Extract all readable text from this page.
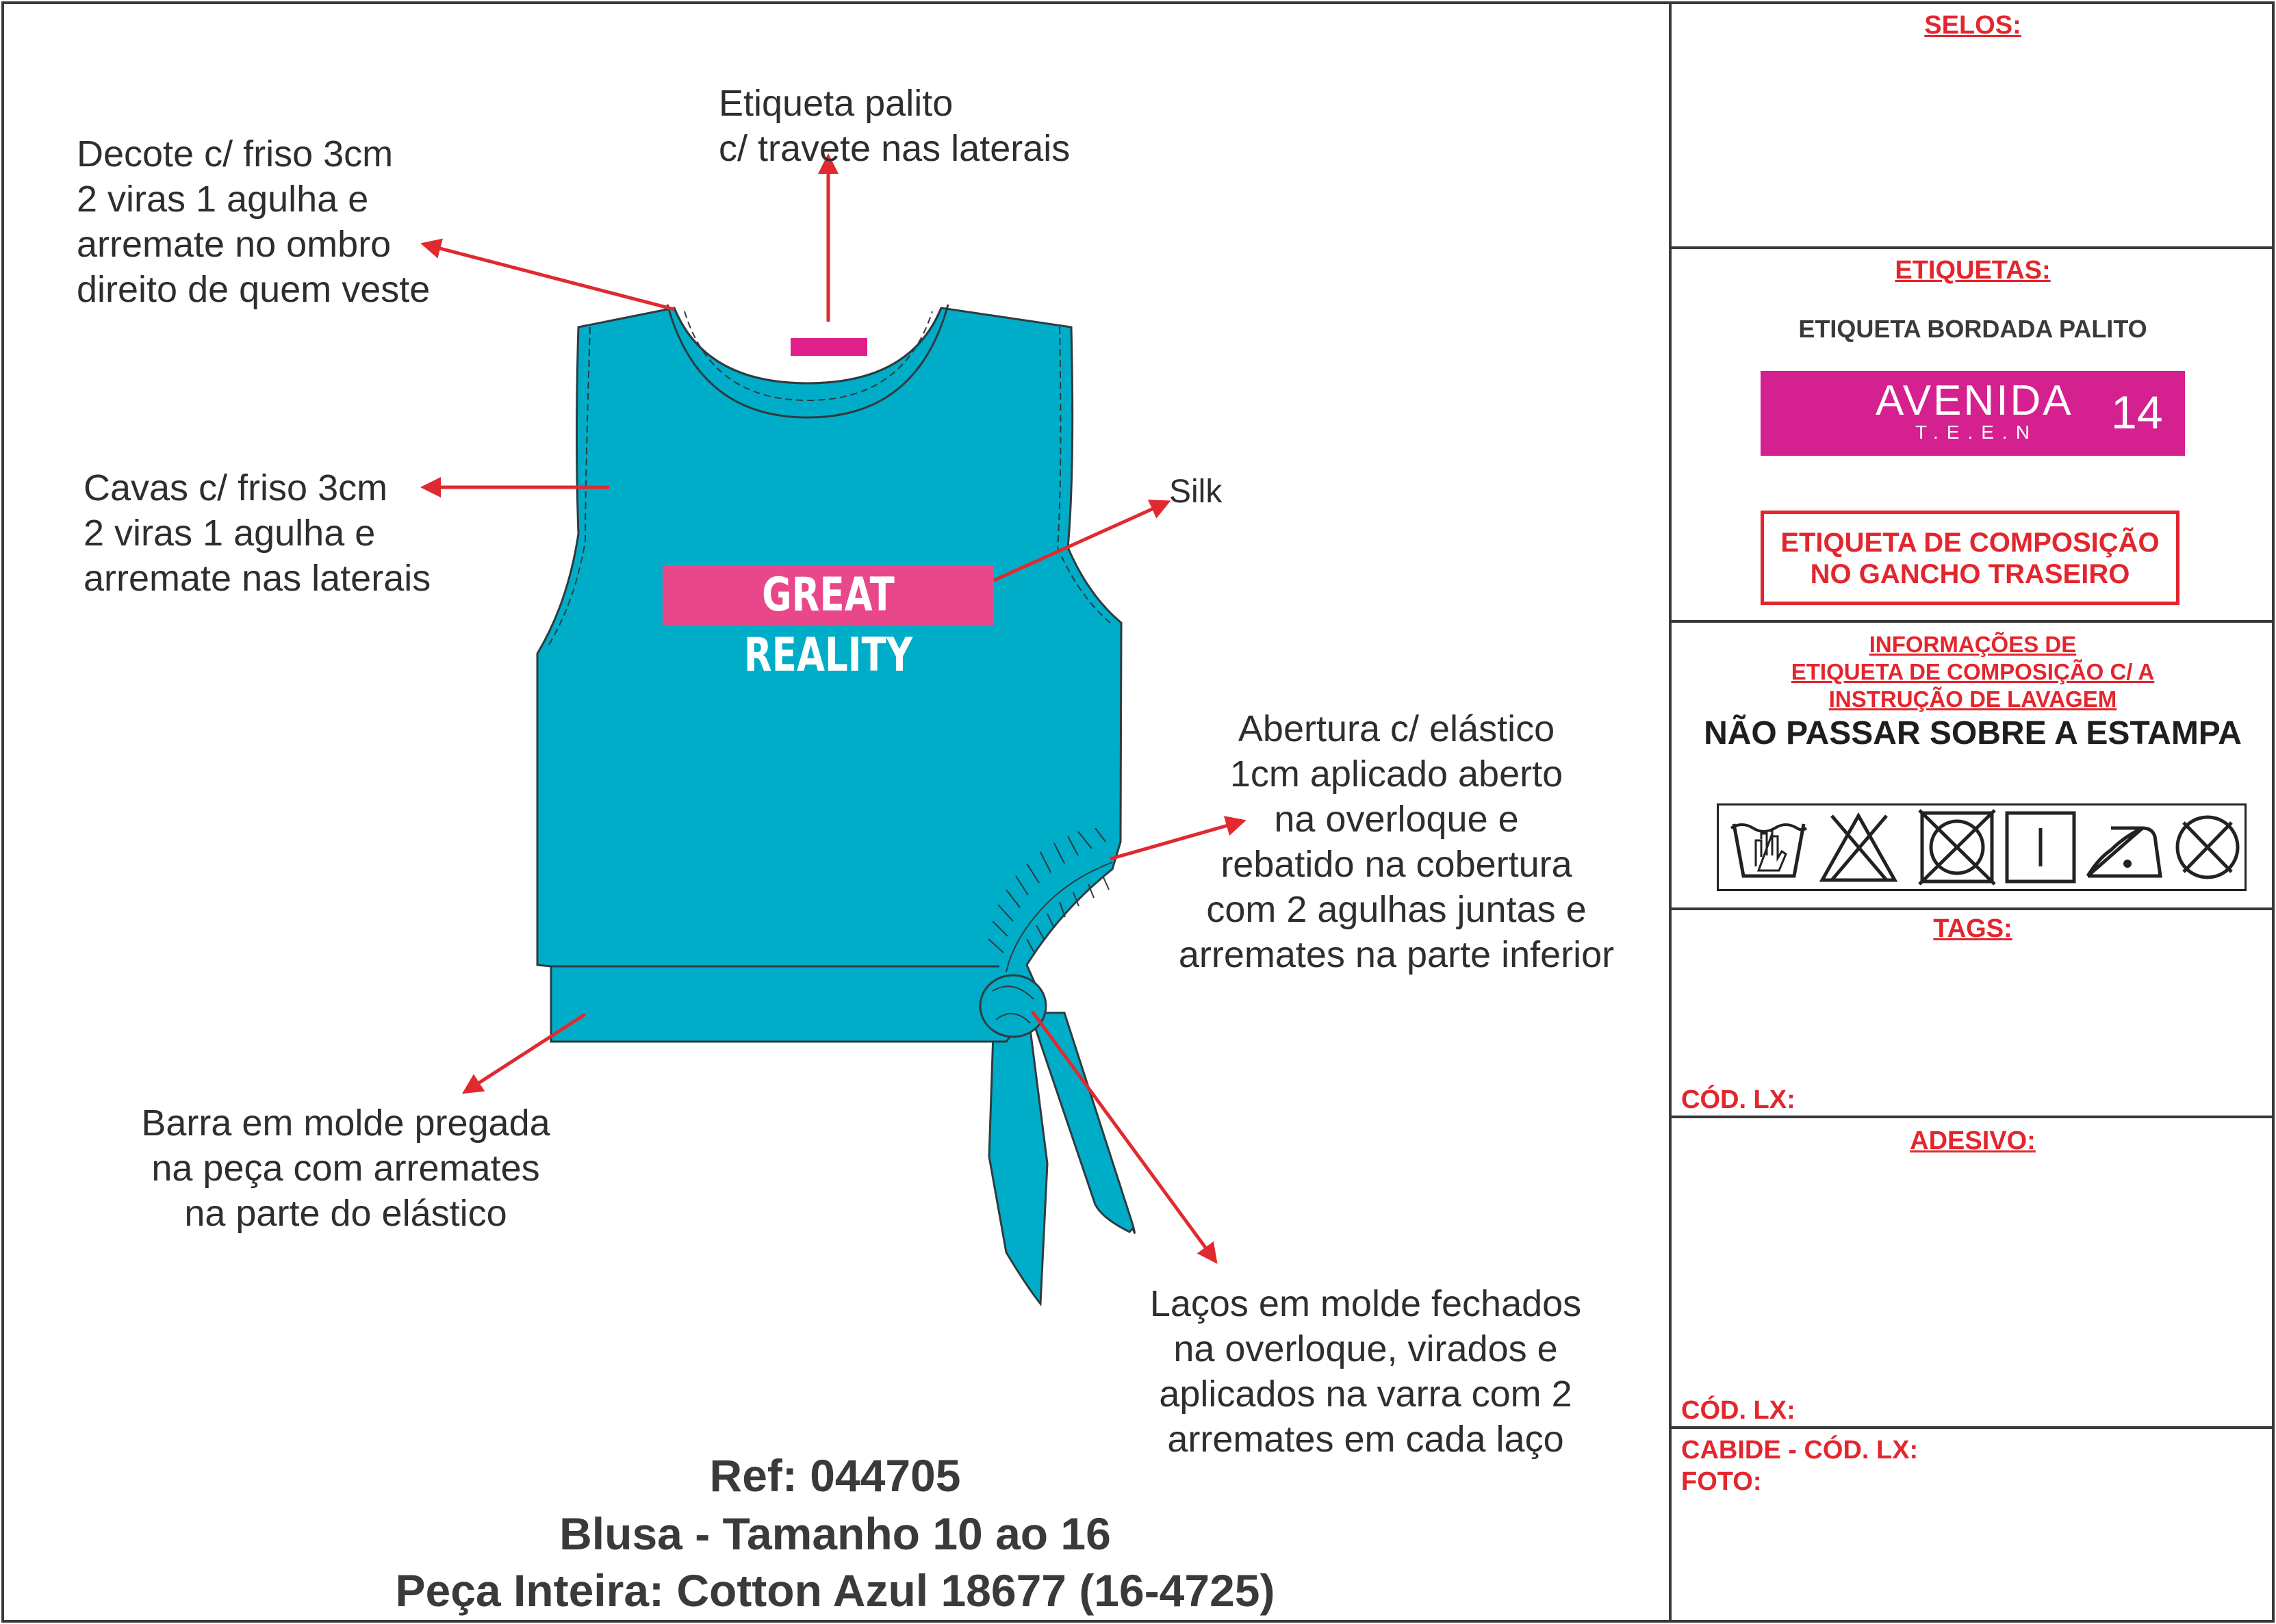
GREAT REALITY
Etiqueta palito
c/ travete nas laterais
Decote c/ friso 3cm
2 viras 1 agulha e
arremate no ombro
direito de quem veste
Cavas c/ friso 3cm
2 viras 1 agulha e
arremate nas laterais
Silk
Abertura c/ elástico
1cm aplicado aberto
na overloque e
rebatido na cobertura
com 2 agulhas juntas e
arremates na parte inferior
Barra em molde pregada
na peça com arremates
na parte do elástico
Laços em molde fechados
na overloque, virados e
aplicados na varra com 2
arremates em cada laço
Ref: 044705
Blusa - Tamanho 10 ao 16
Peça Inteira: Cotton Azul 18677 (16-4725)
SELOS:
ETIQUETAS:
ETIQUETA BORDADA PALITO
AVENIDA
T.E.E.N 14
ETIQUETA DE COMPOSIÇÃO
NO GANCHO TRASEIRO
INFORMAÇÕES DE
ETIQUETA DE COMPOSIÇÃO C/ A
INSTRUÇÃO DE LAVAGEM
NÃO PASSAR SOBRE A ESTAMPA
TAGS:
CÓD. LX:
ADESIVO:
CÓD. LX:
CABIDE - CÓD. LX:
FOTO:
